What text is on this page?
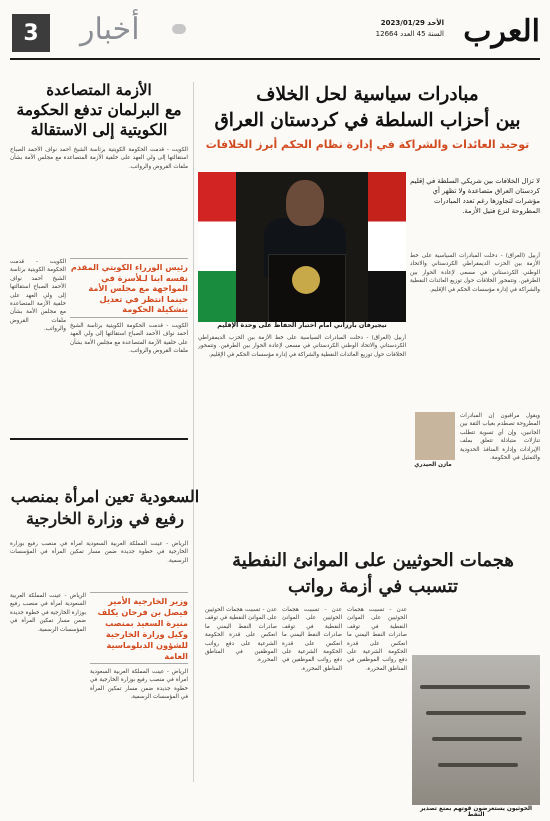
العرب
الأحد 2023/01/29
السنة 45 العدد 12664
أخبار
3
مبادرات سياسية لحل الخلاف
بين أحزاب السلطة في كردستان العراق
توحيد العائدات والشراكة في إدارة نظام الحكم أبرز الخلافات
لا تزال الخلافات بين شريكي السلطة في إقليم كردستان العراق متصاعدة ولا تظهر أي مؤشرات لتجاوزها رغم تعدد المبادرات المطروحة لنزع فتيل الأزمة.
نيجيرفان بارزاني أمام اختبار الحفاظ على وحدة الإقليم
أربيل (العراق) - دخلت المبادرات السياسية على خط الأزمة بين الحزب الديمقراطي الكردستاني والاتحاد الوطني الكردستاني في مسعى لإعادة الحوار بين الطرفين. وتتمحور الخلافات حول توزيع العائدات النفطية والشراكة في إدارة مؤسسات الحكم في الإقليم.
مازن الحيدري
ويقول مراقبون إن المبادرات المطروحة تصطدم بغياب الثقة بين الجانبين، وإن أي تسوية تتطلب تنازلات متبادلة تتعلق بملف الإيرادات وإدارة المنافذ الحدودية والتمثيل في الحكومة.
أربيل (العراق) - دخلت المبادرات السياسية على خط الأزمة بين الحزب الديمقراطي الكردستاني والاتحاد الوطني الكردستاني في مسعى لإعادة الحوار بين الطرفين. وتتمحور الخلافات حول توزيع العائدات النفطية والشراكة في إدارة مؤسسات الحكم في الإقليم.
الأزمة المتصاعدة
مع البرلمان تدفع الحكومة
الكويتية إلى الاستقالة
الكويت - قدمت الحكومة الكويتية برئاسة الشيخ أحمد نواف الأحمد الصباح استقالتها إلى ولي العهد على خلفية الأزمة المتصاعدة مع مجلس الأمة بشأن ملفات القروض والرواتب.
رئيس الوزراء الكويتي المقدم نفسه ابنا لـلأسرة في المواجهة مع مجلس الأمة حينما انتظر في تعديل بتشكيلة الحكومة
الكويت - قدمت الحكومة الكويتية برئاسة الشيخ أحمد نواف الأحمد الصباح استقالتها إلى ولي العهد على خلفية الأزمة المتصاعدة مع مجلس الأمة بشأن ملفات القروض والرواتب.
الكويت - قدمت الحكومة الكويتية برئاسة الشيخ أحمد نواف الأحمد الصباح استقالتها إلى ولي العهد على خلفية الأزمة المتصاعدة مع مجلس الأمة بشأن ملفات القروض والرواتب.
السعودية تعين امرأة بمنصب
رفيع في وزارة الخارجية
الرياض - عينت المملكة العربية السعودية امرأة في منصب رفيع بوزارة الخارجية في خطوة جديدة ضمن مسار تمكين المرأة في المؤسسات الرسمية.
وزير الخارجية الأمير فيصل بن فرحان يكلف منيرة السعيد بمنصب وكيل وزارة الخارجية للشؤون الدبلوماسية العامة
الرياض - عينت المملكة العربية السعودية امرأة في منصب رفيع بوزارة الخارجية في خطوة جديدة ضمن مسار تمكين المرأة في المؤسسات الرسمية.
الرياض - عينت المملكة العربية السعودية امرأة في منصب رفيع بوزارة الخارجية في خطوة جديدة ضمن مسار تمكين المرأة في المؤسسات الرسمية.
هجمات الحوثيين على الموانئ النفطية
تتسبب في أزمة رواتب
الحوثيون يستعرضون قوتهم بمنع تصدير النفط
عدن - تسببت هجمات الحوثيين على الموانئ النفطية في توقف صادرات النفط اليمني ما انعكس على قدرة الحكومة الشرعية على دفع رواتب الموظفين في المناطق المحررة.
عدن - تسببت هجمات الحوثيين على الموانئ النفطية في توقف صادرات النفط اليمني ما انعكس على قدرة الحكومة الشرعية على دفع رواتب الموظفين في المناطق المحررة.
عدن - تسببت هجمات الحوثيين على الموانئ النفطية في توقف صادرات النفط اليمني ما انعكس على قدرة الحكومة الشرعية على دفع رواتب الموظفين في المناطق المحررة.
